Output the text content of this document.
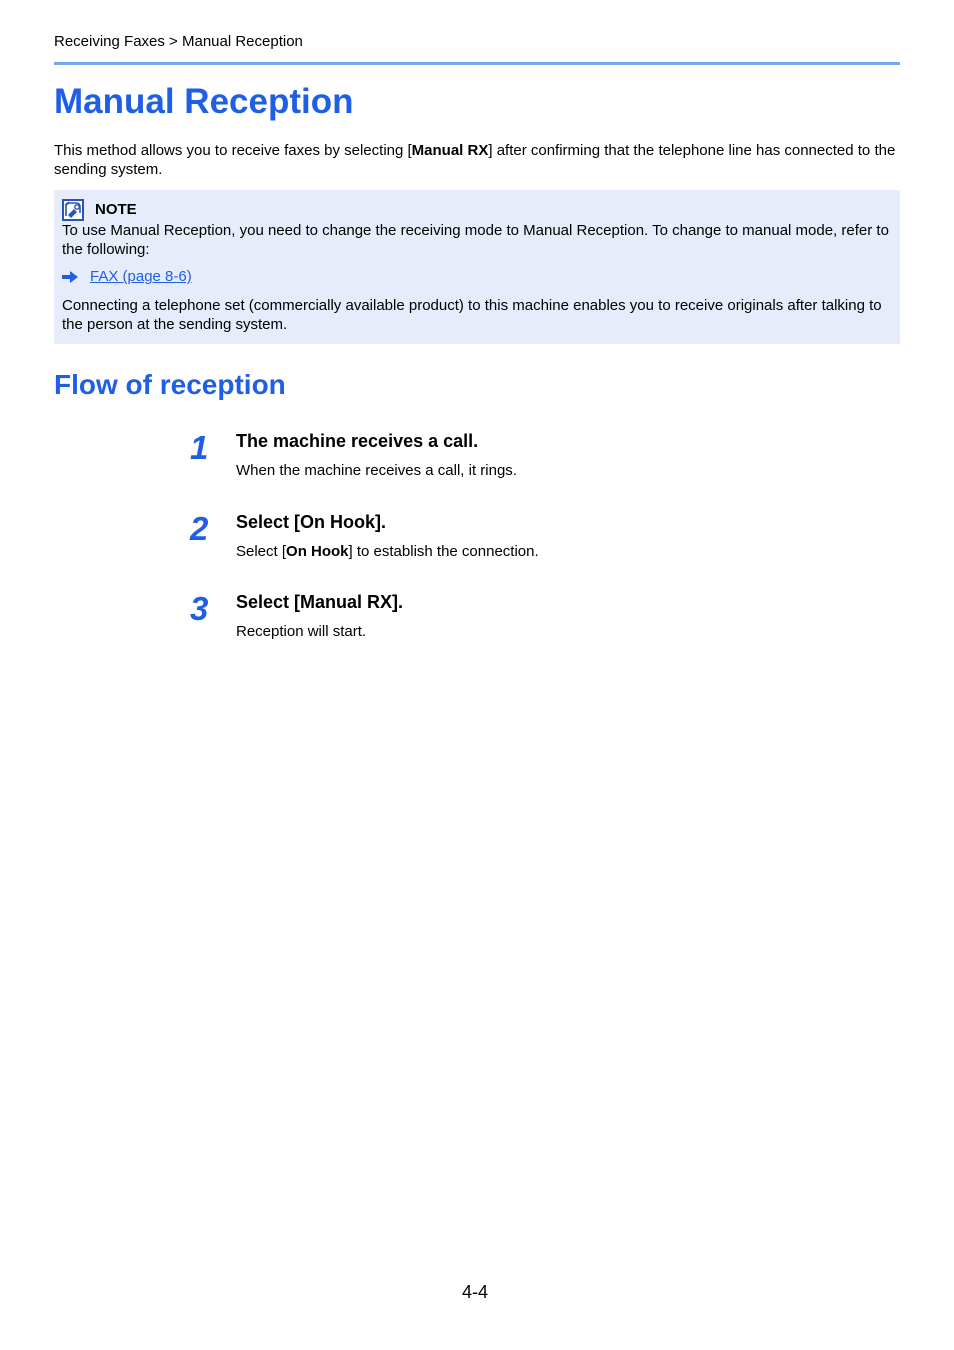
Receiving Faxes > Manual Reception
Manual Reception

This method allows you to receive faxes by selecting [Manual RX] after confirming that the telephone line has connected to the sending system.

NOTE

To use Manual Reception, you need to change the receiving mode to Manual Reception. To change to manual mode, refer to the following:

FAX (page 8-6)

Connecting a telephone set (commercially available product) to this machine enables you to receive originals after talking to the person at the sending system.

Flow of reception
1	The machine receives a call.

When the machine receives a call, it rings.

2	Select [On Hook].

Select [On Hook] to establish the connection.

3	Select [Manual RX].

Reception will start.

4-4
